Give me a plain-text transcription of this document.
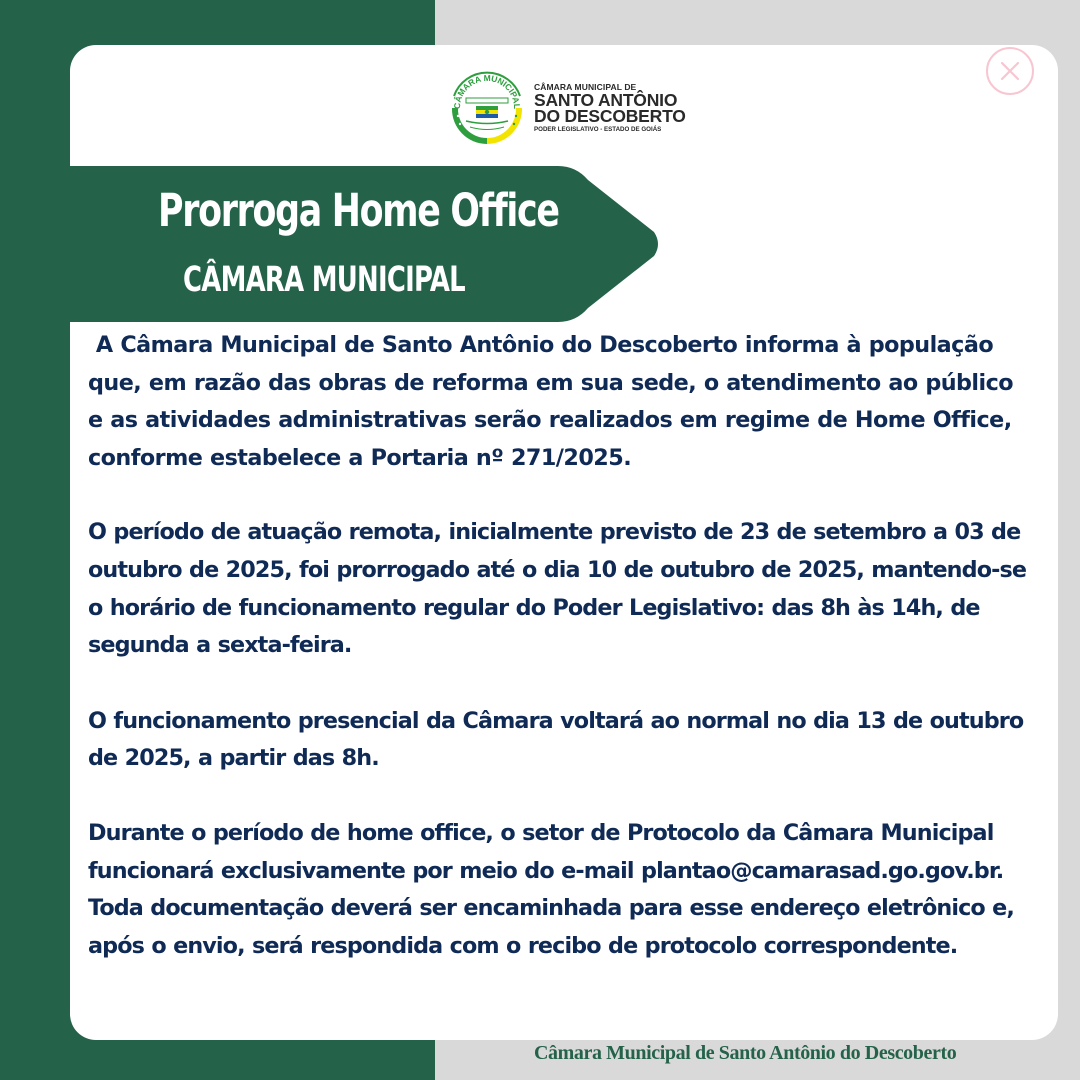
CÂMARA MUNICIPAL
CÂMARA MUNICIPAL DE
SANTO ANTÔNIO
DO DESCOBERTO
PODER LEGISLATIVO - ESTADO DE GOIÁS
Prorroga Home Office
CÂMARA MUNICIPAL

A Câmara Municipal de Santo Antônio do Descoberto informa à população que, em razão das obras de reforma em sua sede, o atendimento ao público e as atividades administrativas serão realizados em regime de Home Office, conforme estabelece a Portaria nº 271/2025.

O período de atuação remota, inicialmente previsto de 23 de setembro a 03 de outubro de 2025, foi prorrogado até o dia 10 de outubro de 2025, mantendo-se o horário de funcionamento regular do Poder Legislativo: das 8h às 14h, de segunda a sexta-feira.

O funcionamento presencial da Câmara voltará ao normal no dia 13 de outubro de 2025, a partir das 8h.

Durante o período de home office, o setor de Protocolo da Câmara Municipal funcionará exclusivamente por meio do e-mail plantao@camarasad.go.gov.br. Toda documentação deverá ser encaminhada para esse endereço eletrônico e, após o envio, será respondida com o recibo de protocolo correspondente.

Câmara Municipal de Santo Antônio do Descoberto
